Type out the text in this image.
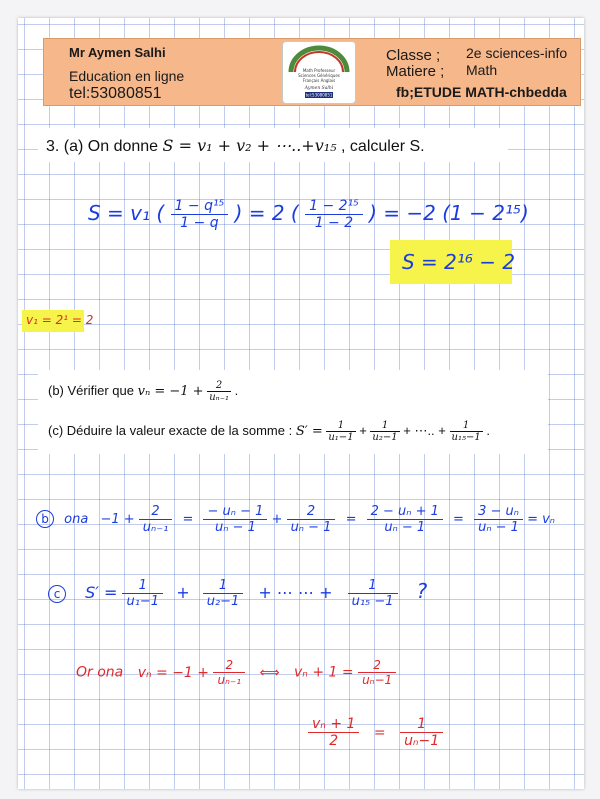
Mr Aymen Salhi
Education en ligne
tel:53080851
Math Professeur
Sciences Génériques
Français Anglais
Aymen Salhi
tel:53080851
Classe ; 2e sciences-info
Matiere ; Math
fb;ETUDE MATH-chbedda
3. (a) On donne S = v₁ + v₂ + ⋯..+v₁₅ , calculer S.
S = v₁ ( $\frac{\text{1 − q¹⁵}}{1 - q}$ ) = 2 ( $\frac{\text{1 − 2¹⁵}}{1 - 2}$ ) = −2 (1 − 2¹⁵)
S = 2¹⁶ − 2
v₁ = 2¹ = 2
(b) Vérifier que $v_n = -1 + \frac{2}{\text{uₙ₋₁}}$ .
(c) Déduire la valeur exacte de la somme : $S' = \frac{1}{\text{u₁−1}} + \frac{1}{\text{u₂−1}}$ + ⋯.. + $\frac{1}{\text{u₁₅−1}}$ .
b ona $-1 + \frac{2}{\text{uₙ₋₁}} = \frac{\text{− uₙ − 1}}{\text{uₙ − 1}} + \frac{2}{\text{uₙ − 1}} = \frac{\text{2 − uₙ + 1}}{\text{uₙ − 1}} = \frac{\text{3 − uₙ}}{\text{uₙ − 1}} = v_n$
c $S' = \frac{1}{\text{u₁−1}} + \frac{1}{\text{u₂−1}}$ + ⋯ ⋯ + $\frac{1}{\text{u₁₅ −1}}$ ?
Or ona $v_n = -1 + \frac{2}{\text{uₙ₋₁}}$ ⟺ $v_n + 1 = \frac{2}{\text{uₙ−1}}$
$\frac{\text{vₙ + 1}}{2} = \frac{1}{\text{uₙ−1}}$
